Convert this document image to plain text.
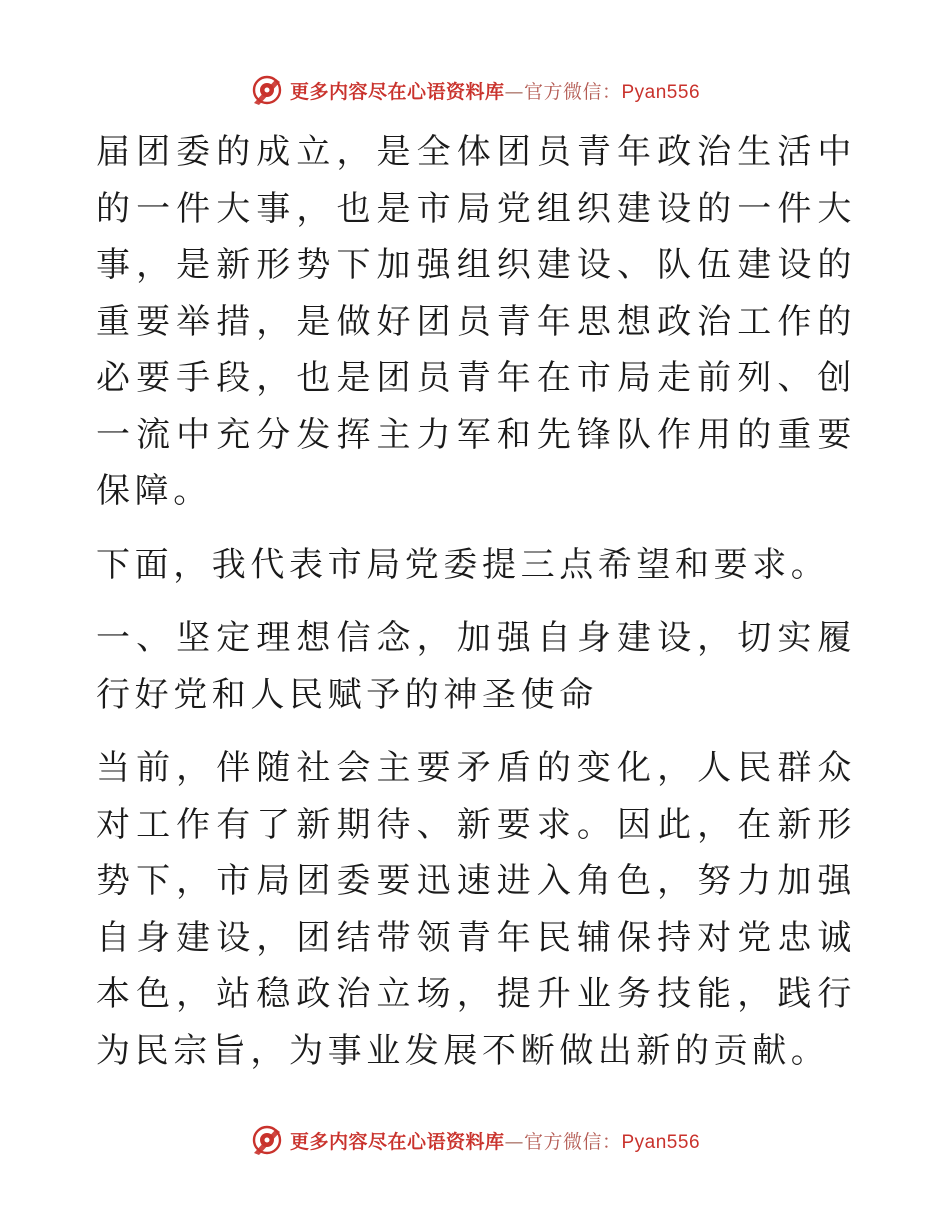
更多内容尽在心语资料库—官方微信：Pyan556

届团委的成立，是全体团员青年政治生活中的一件大事，也是市局党组织建设的一件大事，是新形势下加强组织建设、队伍建设的重要举措，是做好团员青年思想政治工作的必要手段，也是团员青年在市局走前列、创一流中充分发挥主力军和先锋队作用的重要保障。

下面，我代表市局党委提三点希望和要求。

一、坚定理想信念，加强自身建设，切实履行好党和人民赋予的神圣使命

当前，伴随社会主要矛盾的变化，人民群众对工作有了新期待、新要求。因此，在新形势下，市局团委要迅速进入角色，努力加强自身建设，团结带领青年民辅保持对党忠诚本色，站稳政治立场，提升业务技能，践行为民宗旨，为事业发展不断做出新的贡献。

更多内容尽在心语资料库—官方微信：Pyan556
